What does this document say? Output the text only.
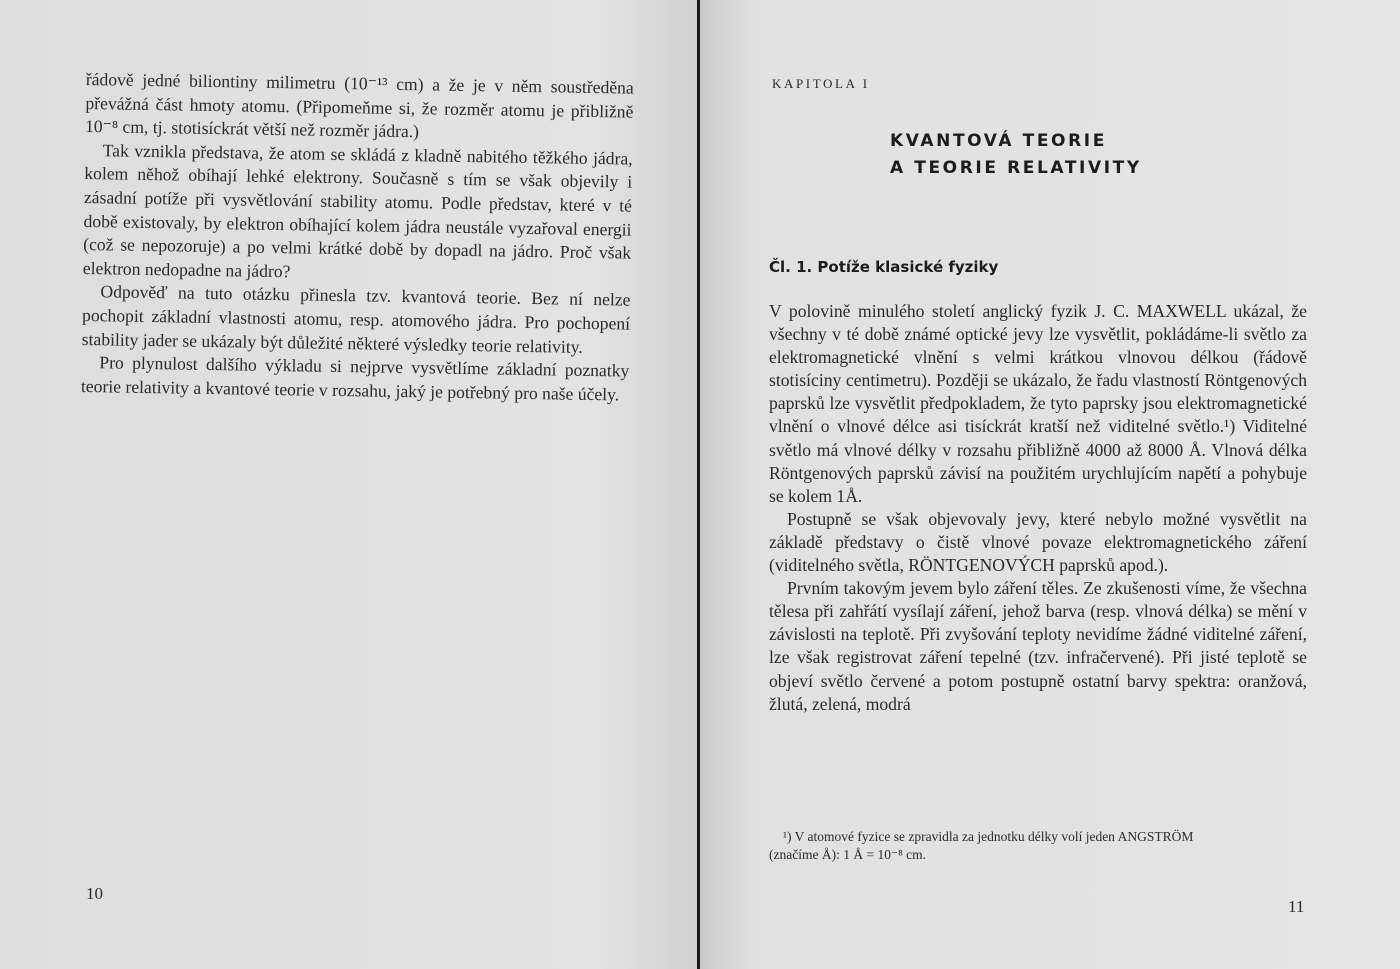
řádově jedné biliontiny milimetru (10⁻¹³ cm) a že je v něm soustředěna převážná část hmoty atomu. (Připomeňme si, že rozměr atomu je přibližně 10⁻⁸ cm, tj. stotisíckrát větší než rozměr jádra.)

Tak vznikla představa, že atom se skládá z kladně nabitého těžkého jádra, kolem něhož obíhají lehké elektrony. Současně s tím se však objevily i zásadní potíže při vysvětlování stability atomu. Podle představ, které v té době existovaly, by elektron obíhající kolem jádra neustále vyzařoval energii (což se nepozoruje) a po velmi krátké době by dopadl na jádro. Proč však elektron nedopadne na jádro?

Odpověď na tuto otázku přinesla tzv. kvantová teorie. Bez ní nelze pochopit základní vlastnosti atomu, resp. atomového jádra. Pro pochopení stability jader se ukázaly být důležité některé výsledky teorie relativity.

Pro plynulost dalšího výkladu si nejprve vysvětlíme základní poznatky teorie relativity a kvantové teorie v rozsahu, jaký je potřebný pro naše účely.

10
KAPITOLA I
KVANTOVÁ TEORIE
A TEORIE RELATIVITY
Čl. 1. Potíže klasické fyziky

V polovině minulého století anglický fyzik J. C. MAXWELL ukázal, že všechny v té době známé optické jevy lze vysvětlit, pokládáme-li světlo za elektromagnetické vlnění s velmi krátkou vlnovou délkou (řádově stotisíciny centimetru). Později se ukázalo, že řadu vlastností Röntgenových paprsků lze vysvětlit předpokladem, že tyto paprsky jsou elektromagnetické vlnění o vlnové délce asi tisíckrát kratší než viditelné světlo.¹) Viditelné světlo má vlnové délky v rozsahu přibližně 4000 až 8000 Å. Vlnová délka Röntgenových paprsků závisí na použitém urychlujícím napětí a pohybuje se kolem 1Å.

Postupně se však objevovaly jevy, které nebylo možné vysvětlit na základě představy o čistě vlnové povaze elektromagnetického záření (viditelného světla, RÖNTGENOVÝCH paprsků apod.).

Prvním takovým jevem bylo záření těles. Ze zkušenosti víme, že všechna tělesa při zahřátí vysílají záření, jehož barva (resp. vlnová délka) se mění v závislosti na teplotě. Při zvyšování teploty nevidíme žádné viditelné záření, lze však registrovat záření tepelné (tzv. infračervené). Při jisté teplotě se objeví světlo červené a potom postupně ostatní barvy spektra: oranžová, žlutá, zelená, modrá

¹) V atomové fyzice se zpravidla za jednotku délky volí jeden ANGSTRÖM

(značíme Å): 1 Å = 10⁻⁸ cm.

11
